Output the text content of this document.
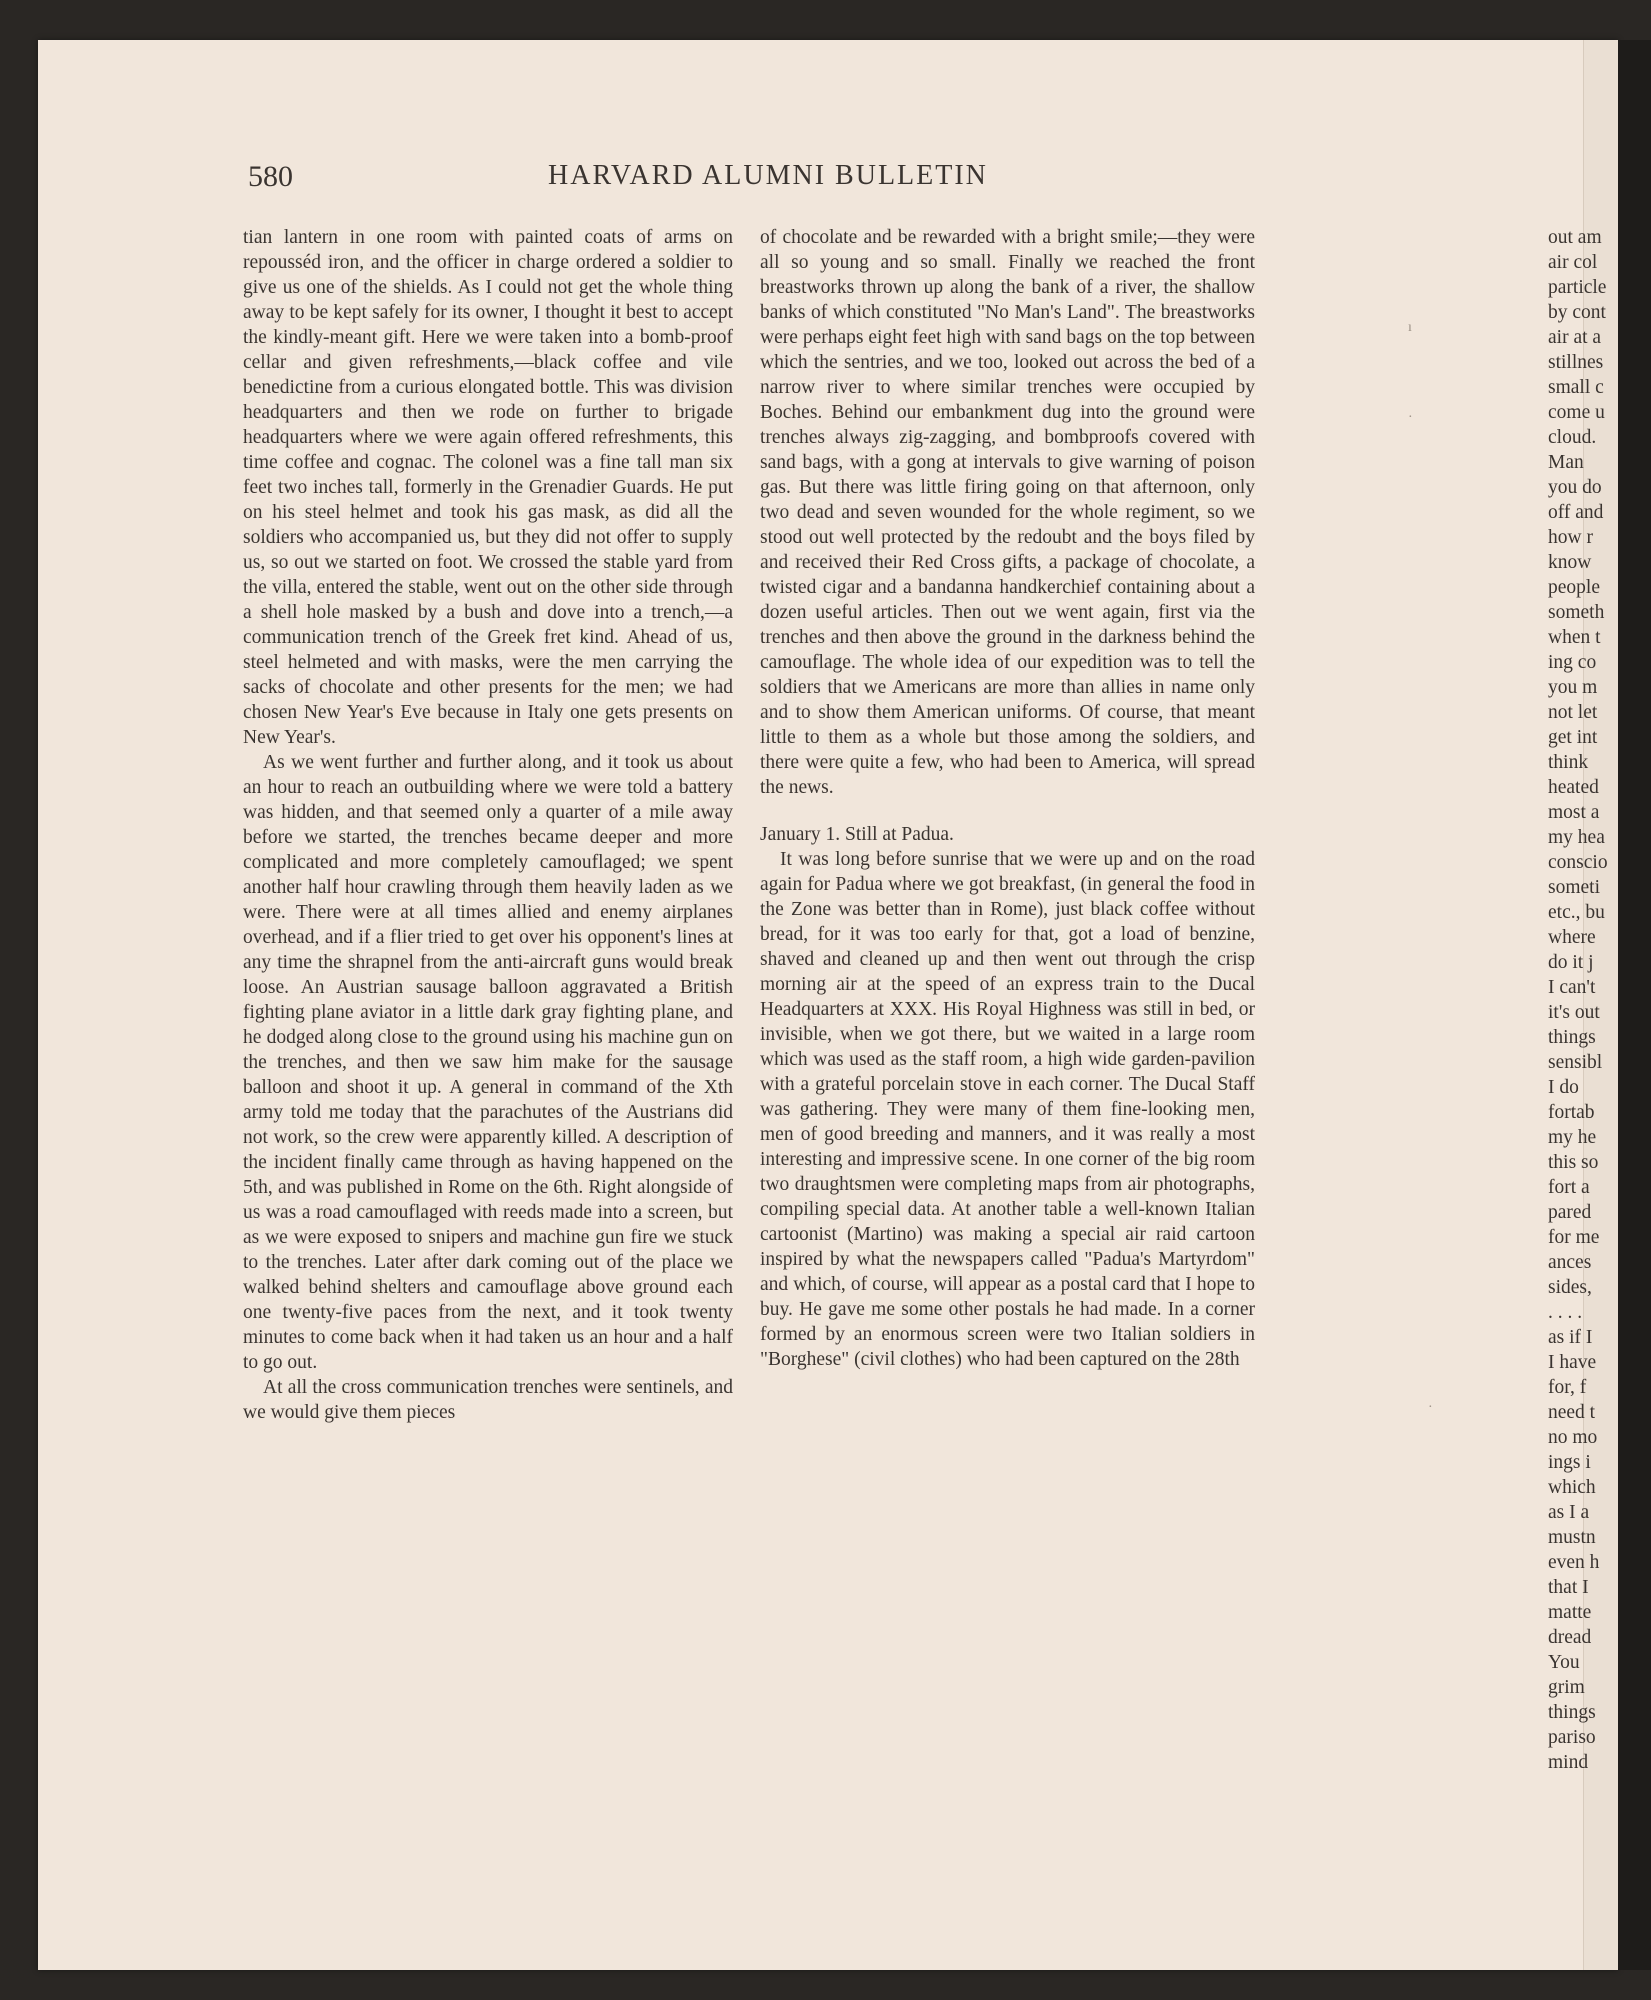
580	HARVARD ALUMNI BULLETIN

tian lantern in one room with painted coats of arms on repousséd iron, and the officer in charge ordered a soldier to give us one of the shields. As I could not get the whole thing away to be kept safely for its owner, I thought it best to accept the kindly-meant gift. Here we were taken into a bomb-proof cellar and given refreshments,—black coffee and vile benedictine from a curious elongated bottle. This was division headquarters and then we rode on further to brigade headquarters where we were again offered refreshments, this time coffee and cognac. The colonel was a fine tall man six feet two inches tall, formerly in the Grenadier Guards. He put on his steel helmet and took his gas mask, as did all the soldiers who accompanied us, but they did not offer to supply us, so out we started on foot. We crossed the stable yard from the villa, entered the stable, went out on the other side through a shell hole masked by a bush and dove into a trench,—a communication trench of the Greek fret kind. Ahead of us, steel helmeted and with masks, were the men carrying the sacks of chocolate and other presents for the men; we had chosen New Year's Eve because in Italy one gets presents on New Year's.

As we went further and further along, and it took us about an hour to reach an outbuilding where we were told a battery was hidden, and that seemed only a quarter of a mile away before we started, the trenches became deeper and more complicated and more completely camouflaged; we spent another half hour crawling through them heavily laden as we were. There were at all times allied and enemy airplanes overhead, and if a flier tried to get over his opponent's lines at any time the shrapnel from the anti-aircraft guns would break loose. An Austrian sausage balloon aggravated a British fighting plane aviator in a little dark gray fighting plane, and he dodged along close to the ground using his machine gun on the trenches, and then we saw him make for the sausage balloon and shoot it up. A general in command of the Xth army told me today that the parachutes of the Austrians did not work, so the crew were apparently killed. A description of the incident finally came through as having happened on the 5th, and was published in Rome on the 6th. Right alongside of us was a road camouflaged with reeds made into a screen, but as we were exposed to snipers and machine gun fire we stuck to the trenches. Later after dark coming out of the place we walked behind shelters and camouflage above ground each one twenty-five paces from the next, and it took twenty minutes to come back when it had taken us an hour and a half to go out.

At all the cross communication trenches were sentinels, and we would give them pieces

of chocolate and be rewarded with a bright smile;—they were all so young and so small. Finally we reached the front breastworks thrown up along the bank of a river, the shallow banks of which constituted "No Man's Land". The breastworks were perhaps eight feet high with sand bags on the top between which the sentries, and we too, looked out across the bed of a narrow river to where similar trenches were occupied by Boches. Behind our embankment dug into the ground were trenches always zig-zagging, and bombproofs covered with sand bags, with a gong at intervals to give warning of poison gas. But there was little firing going on that afternoon, only two dead and seven wounded for the whole regiment, so we stood out well protected by the redoubt and the boys filed by and received their Red Cross gifts, a package of chocolate, a twisted cigar and a bandanna handkerchief containing about a dozen useful articles. Then out we went again, first via the trenches and then above the ground in the darkness behind the camouflage. The whole idea of our expedition was to tell the soldiers that we Americans are more than allies in name only and to show them American uniforms. Of course, that meant little to them as a whole but those among the soldiers, and there were quite a few, who had been to America, will spread the news.

January 1. Still at Padua.

It was long before sunrise that we were up and on the road again for Padua where we got breakfast, (in general the food in the Zone was better than in Rome), just black coffee without bread, for it was too early for that, got a load of benzine, shaved and cleaned up and then went out through the crisp morning air at the speed of an express train to the Ducal Headquarters at XXX. His Royal Highness was still in bed, or invisible, when we got there, but we waited in a large room which was used as the staff room, a high wide garden-pavilion with a grateful porcelain stove in each corner. The Ducal Staff was gathering. They were many of them fine-looking men, men of good breeding and manners, and it was really a most interesting and impressive scene. In one corner of the big room two draughtsmen were completing maps from air photographs, compiling special data. At another table a well-known Italian cartoonist (Martino) was making a special air raid cartoon inspired by what the newspapers called "Padua's Martyrdom" and which, of course, will appear as a postal card that I hope to buy. He gave me some other postals he had made. In a corner formed by an enormous screen were two Italian soldiers in "Borghese" (civil clothes) who had been captured on the 28th

out am
air col
particle
by cont
air at a
stillnes
small c
come u
cloud.
Man
you do
off and
how r
know
people
someth
when t
ing co
you m
not let
get int
think
heated
most a
my hea
conscio
someti
etc., bu
where
do it j
I can't
it's out
things
sensibl
I do
fortab
my he
this so
fort a
pared
for me
ances
sides,
. . . .
as if I
I have
for, f
need t
no mo
ings i
which
as I a
mustn
even h
that I
matte
dread
You
grim
things
pariso
mind
ı
·
·
